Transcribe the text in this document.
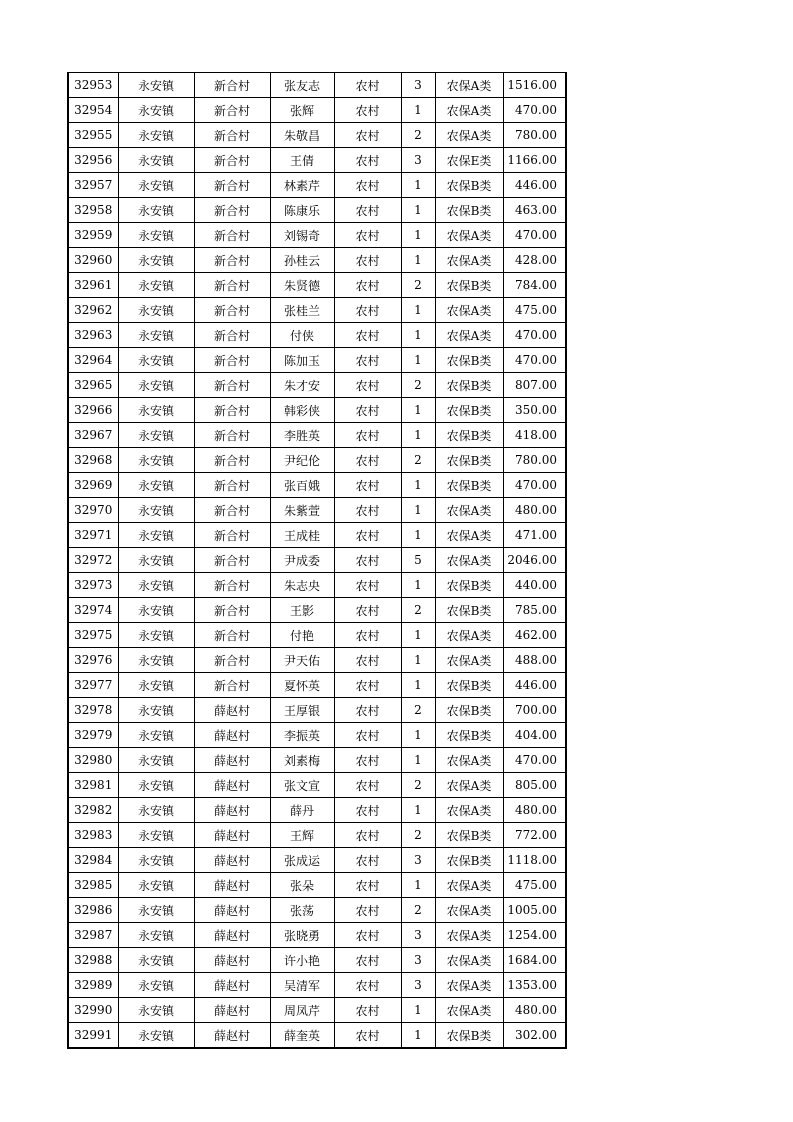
32953	永安镇	新合村	张友志	农村	3	农保A类	1516.00
32954	永安镇	新合村	张辉	农村	1	农保A类	470.00
32955	永安镇	新合村	朱敬昌	农村	2	农保A类	780.00
32956	永安镇	新合村	王倩	农村	3	农保E类	1166.00
32957	永安镇	新合村	林素芹	农村	1	农保B类	446.00
32958	永安镇	新合村	陈康乐	农村	1	农保B类	463.00
32959	永安镇	新合村	刘锡奇	农村	1	农保A类	470.00
32960	永安镇	新合村	孙桂云	农村	1	农保A类	428.00
32961	永安镇	新合村	朱贤德	农村	2	农保B类	784.00
32962	永安镇	新合村	张桂兰	农村	1	农保A类	475.00
32963	永安镇	新合村	付侠	农村	1	农保A类	470.00
32964	永安镇	新合村	陈加玉	农村	1	农保B类	470.00
32965	永安镇	新合村	朱才安	农村	2	农保B类	807.00
32966	永安镇	新合村	韩彩侠	农村	1	农保B类	350.00
32967	永安镇	新合村	李胜英	农村	1	农保B类	418.00
32968	永安镇	新合村	尹纪伦	农村	2	农保B类	780.00
32969	永安镇	新合村	张百娥	农村	1	农保B类	470.00
32970	永安镇	新合村	朱紫萱	农村	1	农保A类	480.00
32971	永安镇	新合村	王成桂	农村	1	农保A类	471.00
32972	永安镇	新合村	尹成委	农村	5	农保A类	2046.00
32973	永安镇	新合村	朱志央	农村	1	农保B类	440.00
32974	永安镇	新合村	王影	农村	2	农保B类	785.00
32975	永安镇	新合村	付艳	农村	1	农保A类	462.00
32976	永安镇	新合村	尹天佑	农村	1	农保A类	488.00
32977	永安镇	新合村	夏怀英	农村	1	农保B类	446.00
32978	永安镇	薛赵村	王厚银	农村	2	农保B类	700.00
32979	永安镇	薛赵村	李振英	农村	1	农保B类	404.00
32980	永安镇	薛赵村	刘素梅	农村	1	农保A类	470.00
32981	永安镇	薛赵村	张文宣	农村	2	农保A类	805.00
32982	永安镇	薛赵村	薛丹	农村	1	农保A类	480.00
32983	永安镇	薛赵村	王辉	农村	2	农保B类	772.00
32984	永安镇	薛赵村	张成运	农村	3	农保B类	1118.00
32985	永安镇	薛赵村	张朵	农村	1	农保A类	475.00
32986	永安镇	薛赵村	张荡	农村	2	农保A类	1005.00
32987	永安镇	薛赵村	张晓勇	农村	3	农保A类	1254.00
32988	永安镇	薛赵村	许小艳	农村	3	农保A类	1684.00
32989	永安镇	薛赵村	吴清军	农村	3	农保A类	1353.00
32990	永安镇	薛赵村	周凤芹	农村	1	农保A类	480.00
32991	永安镇	薛赵村	薛奎英	农村	1	农保B类	302.00
